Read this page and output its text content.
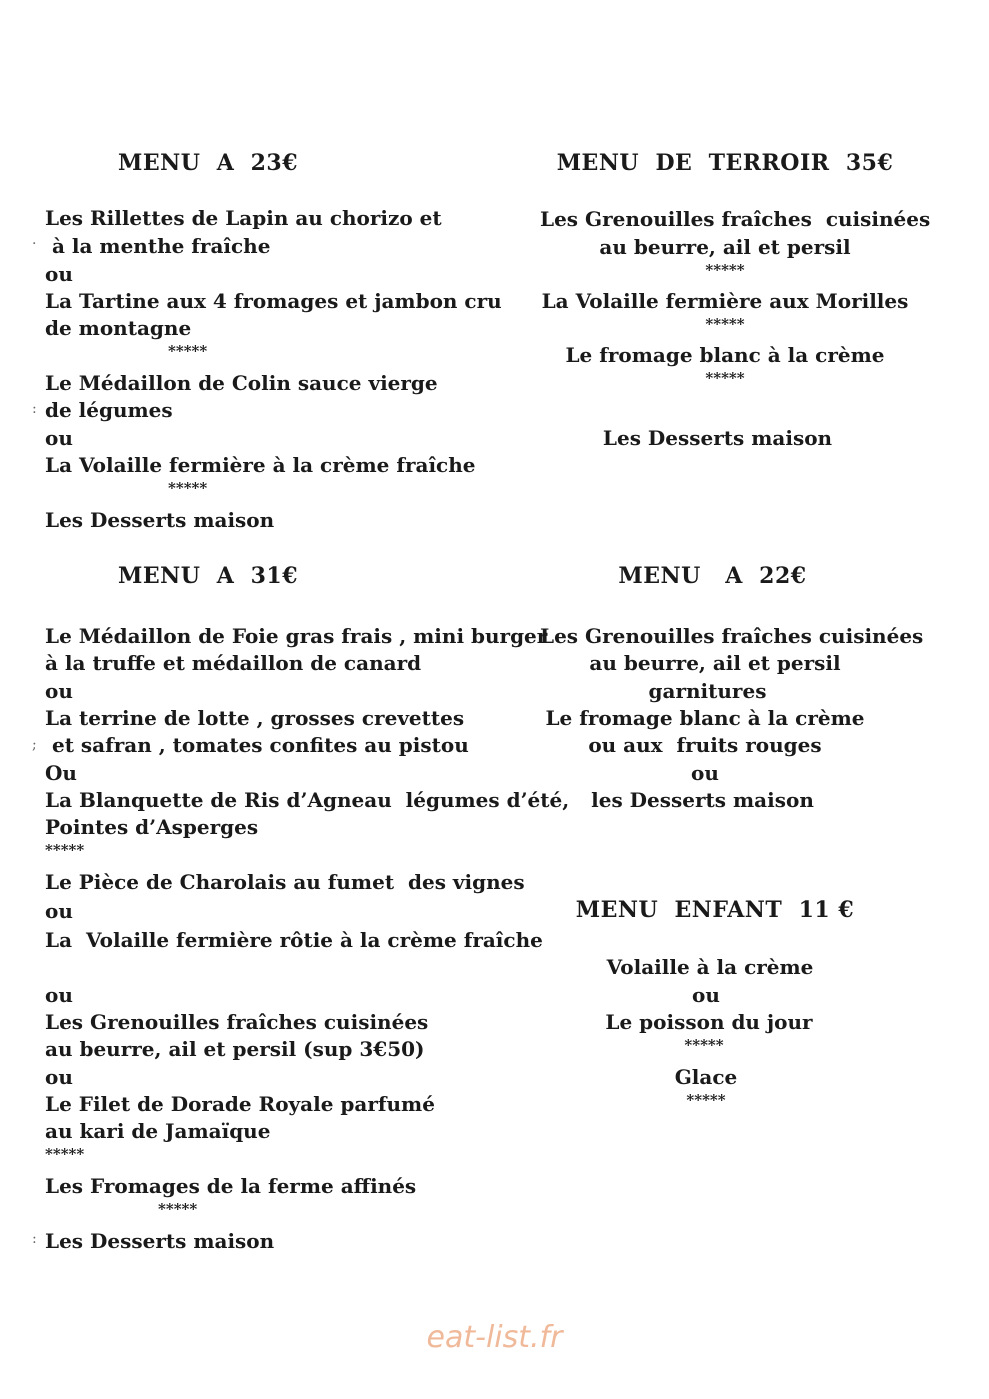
MENU  A  23€
Les Rillettes de Lapin au chorizo et
à la menthe fraîche
ou
La Tartine aux 4 fromages et jambon cru
de montagne
*****
Le Médaillon de Colin sauce vierge
de légumes
ou
La Volaille fermière à la crème fraîche
*****
Les Desserts maison
MENU  DE  TERROIR  35€
Les Grenouilles fraîches  cuisinées
au beurre, ail et persil
*****
La Volaille fermière aux Morilles
*****
Le fromage blanc à la crème
*****
Les Desserts maison
MENU  A  31€
Le Médaillon de Foie gras frais , mini burger
à la truffe et médaillon de canard
ou
La terrine de lotte , grosses crevettes
et safran , tomates confites au pistou
Ou
La Blanquette de Ris d’Agneau  légumes d’été,
Pointes d’Asperges
*****
Le Pièce de Charolais au fumet  des vignes
ou
La  Volaille fermière rôtie à la crème fraîche
ou
Les Grenouilles fraîches cuisinées
au beurre, ail et persil (sup 3€50)
ou
Le Filet de Dorade Royale parfumé
au kari de Jamaïque
*****
Les Fromages de la ferme affinés
*****
Les Desserts maison
MENU   A  22€
Les Grenouilles fraîches cuisinées
au beurre, ail et persil
garnitures
Le fromage blanc à la crème
ou aux  fruits rouges
ou
les Desserts maison
MENU  ENFANT  11 €
Volaille à la crème
ou
Le poisson du jour
*****
Glace
*****
·
:
;
:
eat-list.fr
